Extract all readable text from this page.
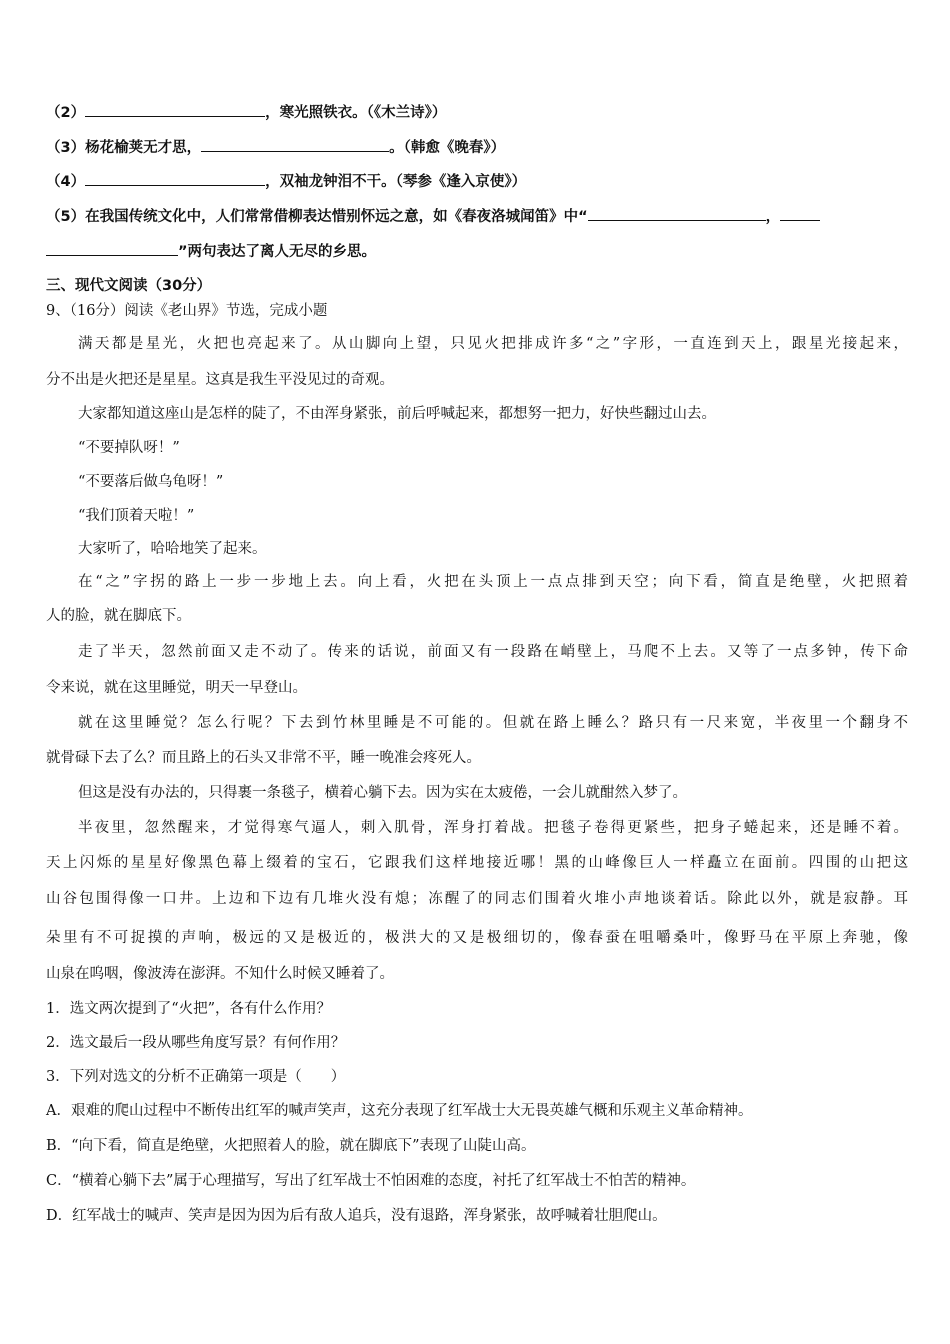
（2）	，寒光照铁衣。（《木兰诗》）
（3）杨花榆荚无才思，	。（韩愈《晚春》）
（4）	，双袖龙钟泪不干。（琴参《逢入京使》）
（5）在我国传统文化中，人们常常借柳表达惜别怀远之意，如《春夜洛城闻笛》中“	，
”两句表达了离人无尽的乡思。
三、现代文阅读（30分）
9、（16分）阅读《老山界》节选，完成小题
满天都是星光，火把也亮起来了。从山脚向上望，只见火把排成许多“之”字形，一直连到天上，跟星光接起来，
分不出是火把还是星星。这真是我生平没见过的奇观。
大家都知道这座山是怎样的陡了，不由浑身紧张，前后呼喊起来，都想努一把力，好快些翻过山去。
“不要掉队呀！”
“不要落后做乌龟呀！”
“我们顶着天啦！”
大家听了，哈哈地笑了起来。
在“之”字拐的路上一步一步地上去。向上看，火把在头顶上一点点排到天空；向下看，简直是绝壁，火把照着
人的脸，就在脚底下。
走了半天，忽然前面又走不动了。传来的话说，前面又有一段路在峭壁上，马爬不上去。又等了一点多钟，传下命
令来说，就在这里睡觉，明天一早登山。
就在这里睡觉？怎么行呢？下去到竹林里睡是不可能的。但就在路上睡么？路只有一尺来宽，半夜里一个翻身不
就骨碌下去了么？而且路上的石头又非常不平，睡一晚准会疼死人。
但这是没有办法的，只得裹一条毯子，横着心躺下去。因为实在太疲倦，一会儿就酣然入梦了。
半夜里，忽然醒来，才觉得寒气逼人，刺入肌骨，浑身打着战。把毯子卷得更紧些，把身子蜷起来，还是睡不着。
天上闪烁的星星好像黑色幕上缀着的宝石，它跟我们这样地接近哪！黑的山峰像巨人一样矗立在面前。四围的山把这
山谷包围得像一口井。上边和下边有几堆火没有熄；冻醒了的同志们围着火堆小声地谈着话。除此以外，就是寂静。耳
朵里有不可捉摸的声响，极远的又是极近的，极洪大的又是极细切的，像春蚕在咀嚼桑叶，像野马在平原上奔驰，像
山泉在呜咽，像波涛在澎湃。不知什么时候又睡着了。
1．选文两次提到了“火把”，各有什么作用？
2．选文最后一段从哪些角度写景？有何作用？
3．下列对选文的分析不正确第一项是（　　）
A．艰难的爬山过程中不断传出红军的喊声笑声，这充分表现了红军战士大无畏英雄气概和乐观主义革命精神。
B．“向下看，简直是绝壁，火把照着人的脸，就在脚底下”表现了山陡山高。
C．“横着心躺下去”属于心理描写，写出了红军战士不怕困难的态度，衬托了红军战士不怕苦的精神。
D．红军战士的喊声、笑声是因为因为后有敌人追兵，没有退路，浑身紧张，故呼喊着壮胆爬山。
